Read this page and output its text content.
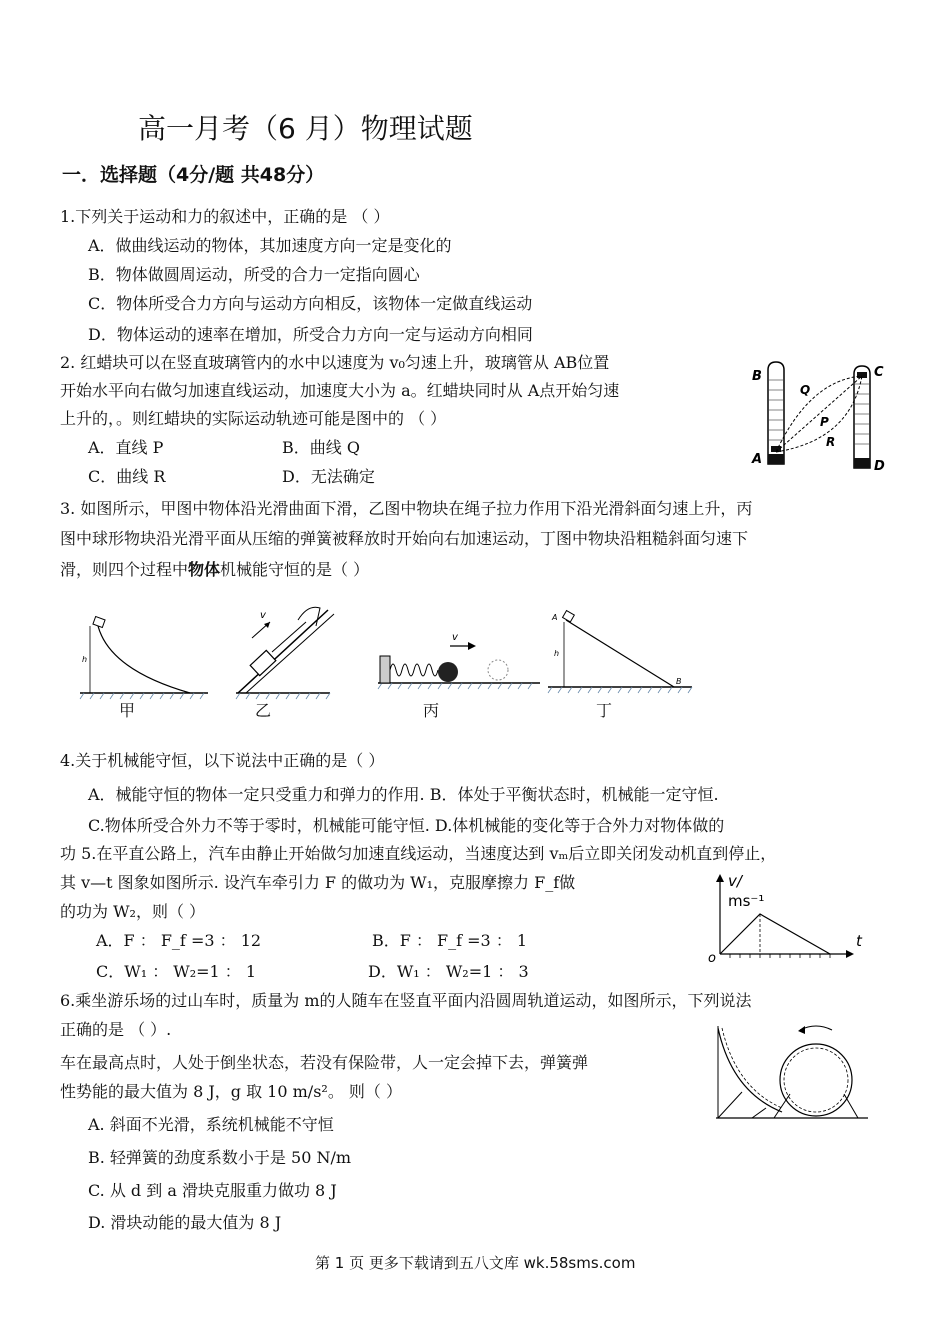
高一月考（6 月）物理试题
一．选择题（4分/题 共48分）
1.下列关于运动和力的叙述中，正确的是 （ ）
A．做曲线运动的物体，其加速度方向一定是变化的
B．物体做圆周运动，所受的合力一定指向圆心
C．物体所受合力方向与运动方向相反，该物体一定做直线运动
D．物体运动的速率在增加，所受合力方向一定与运动方向相同
2. 红蜡块可以在竖直玻璃管内的水中以速度为 v₀匀速上升，玻璃管从 AB位置
开始水平向右做匀加速直线运动，加速度大小为 a。红蜡块同时从 A点开始匀速
上升的，。则红蜡块的实际运动轨迹可能是图中的 （ ）
A．直线 P	B．曲线 Q
C．曲线 R	D．无法确定
B
A
C
D
Q
P
R
3. 如图所示，甲图中物体沿光滑曲面下滑，乙图中物块在绳子拉力作用下沿光滑斜面匀速上升，丙
图中球形物块沿光滑平面从压缩的弹簧被释放时开始向右加速运动，丁图中物块沿粗糙斜面匀速下
滑，则四个过程中物体机械能守恒的是（ ）
h
v
v
A
h
B
甲	乙	丙	丁
4.关于机械能守恒，以下说法中正确的是（ ）
A．械能守恒的物体一定只受重力和弹力的作用. B．体处于平衡状态时，机械能一定守恒.
C.物体所受合外力不等于零时，机械能可能守恒. D.体机械能的变化等于合外力对物体做的
功 5.在平直公路上，汽车由静止开始做匀加速直线运动，当速度达到 vₘ后立即关闭发动机直到停止，
其 v—t 图象如图所示. 设汽车牵引力 F 的做功为 W₁，克服摩擦力 F_f做
的功为 W₂，则（ ）
A．F ： F_f =3 ： 12	B．F ： F_f =3 ： 1
C．W₁ ： W₂=1 ： 1	D．W₁ ： W₂=1 ： 3
v/
ms⁻¹
t
o
6.乘坐游乐场的过山车时，质量为 m的人随车在竖直平面内沿圆周轨道运动，如图所示，下列说法
正确的是 （ ）.
车在最高点时，人处于倒坐状态，若没有保险带，人一定会掉下去，弹簧弹
性势能的最大值为 8 J，g 取 10 m/s²。 则（ ）
A. 斜面不光滑，系统机械能不守恒
B. 轻弹簧的劲度系数小于是 50 N/m
C. 从 d 到 a 滑块克服重力做功 8 J
D. 滑块动能的最大值为 8 J
第 1 页 更多下载请到五八文库 wk.58sms.com
